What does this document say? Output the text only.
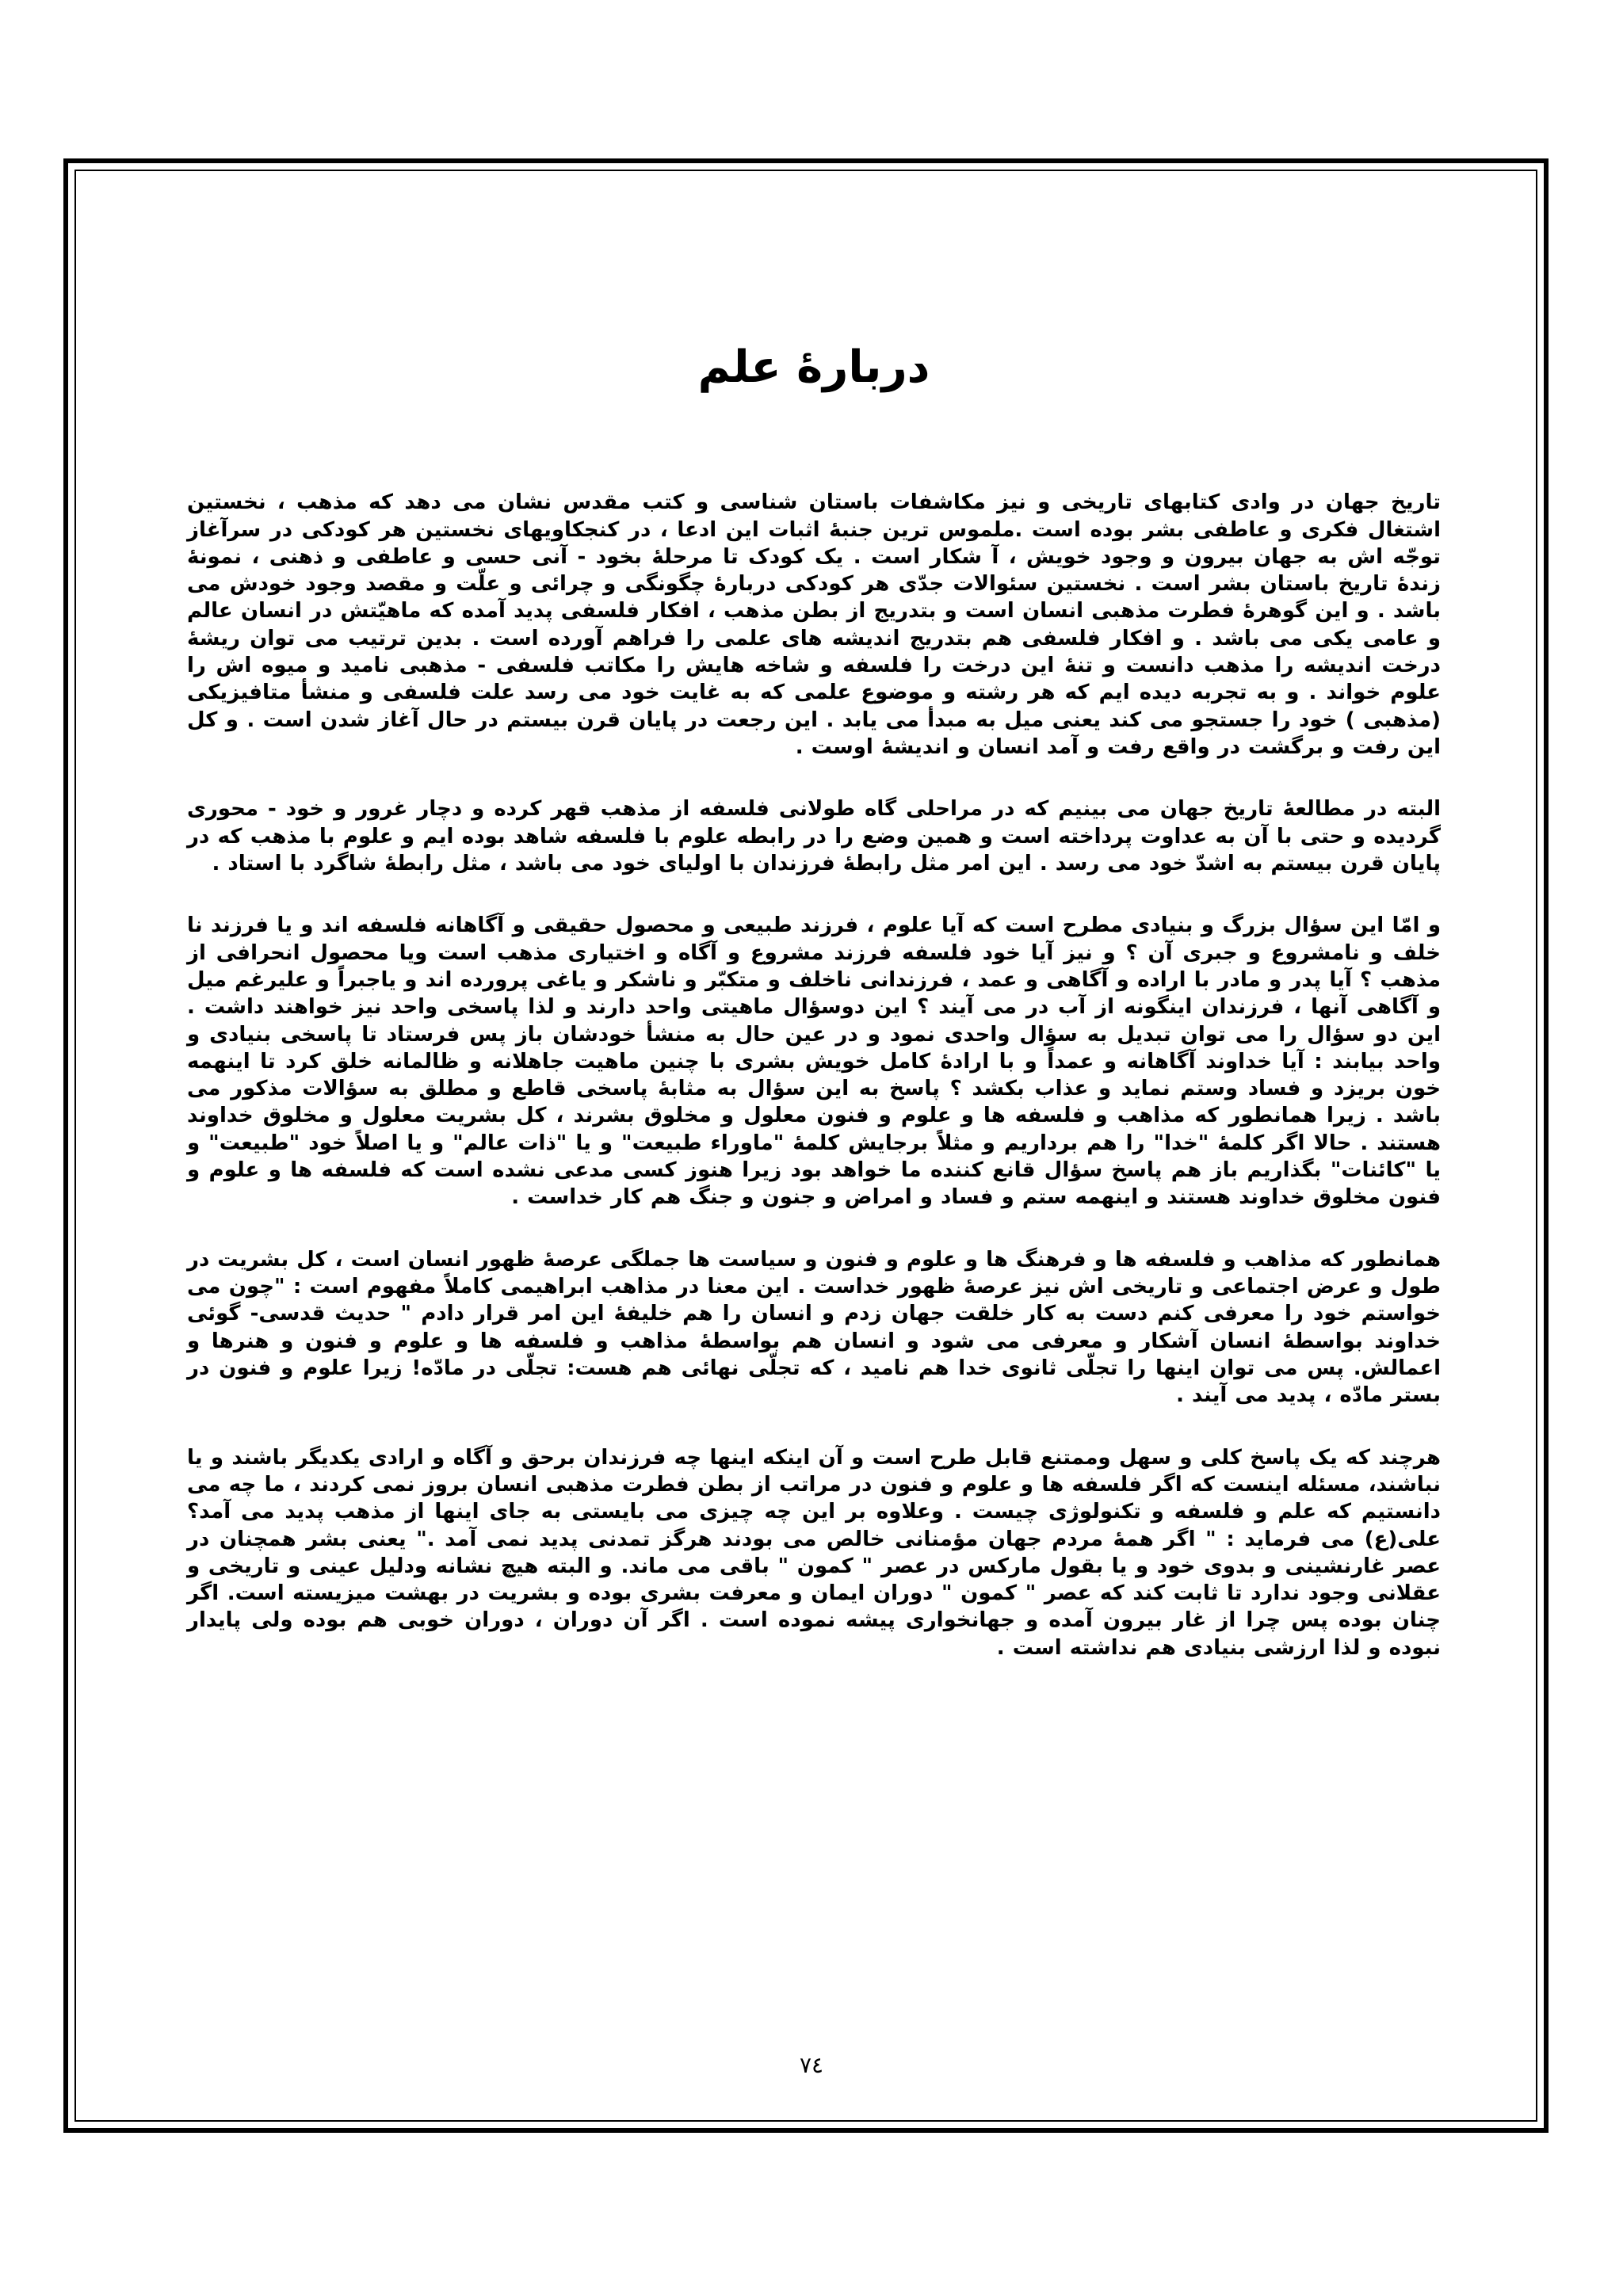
دربارۀ علم

تاریخ جهان در وادی کتابهای تاریخی و نیز مکاشفات باستان شناسی و کتب مقدس نشان می دهد که مذهب ، نخستین اشتغال فکری و عاطفی بشر بوده است .ملموس ترین جنبۀ اثبات این ادعا ، در کنجکاویهای نخستین هر کودکی در سرآغاز توجّه اش به جهان بیرون و وجود خویش ، آ شکار است . یک کودک تا مرحلۀ بخود - آنی حسی و عاطفی و ذهنی ، نمونۀ زندۀ تاریخ باستان بشر است . نخستین سئوالات جدّی هر کودکی دربارۀ چگونگی و چرائی و علّت و مقصد وجود خودش می باشد . و این گوهرۀ فطرت مذهبی انسان است و بتدریج از بطن مذهب ، افکار فلسفی پدید آمده که ماهیّتش در انسان عالم و عامی یکی می باشد . و افکار فلسفی هم بتدریج اندیشه های علمی را فراهم آورده است . بدین ترتیب می توان ریشۀ درخت اندیشه را مذهب دانست و تنۀ این درخت را فلسفه و شاخه هایش را مکاتب فلسفی - مذهبی نامید و میوه اش را علوم خواند . و به تجربه دیده ایم که هر رشته و موضوع علمی که به غایت خود می رسد علت فلسفی و منشأ متافیزیکی (مذهبی ) خود را جستجو می کند یعنی میل به مبدأ می یابد . این رجعت در پایان قرن بیستم در حال آغاز شدن است . و کل این رفت و برگشت در واقع رفت و آمد انسان و اندیشۀ اوست .

البته در مطالعۀ تاریخ جهان می بینیم که در مراحلی گاه طولانی فلسفه از مذهب قهر کرده و دچار غرور و خود - محوری گردیده و حتی با آن به عداوت پرداخته است و همین وضع را در رابطه علوم با فلسفه شاهد بوده ایم و علوم با مذهب که در پایان قرن بیستم به اشدّ خود می رسد . این امر مثل رابطۀ فرزندان با اولیای خود می باشد ، مثل رابطۀ شاگرد با استاد .

و امّا این سؤال بزرگ و بنیادی مطرح است که آیا علوم ، فرزند طبیعی و محصول حقیقی و آگاهانه فلسفه اند و یا فرزند نا خلف و نامشروع و جبری آن ؟ و نیز آیا خود فلسفه فرزند مشروع و آگاه و اختیاری مذهب است ویا محصول انحرافی از مذهب ؟ آیا پدر و مادر با اراده و آگاهی و عمد ، فرزندانی ناخلف و متکبّر و ناشکر و یاغی پرورده اند و یاجبراً و علیرغم میل و آگاهی آنها ، فرزندان اینگونه از آب در می آیند ؟ این دوسؤال ماهیتی واحد دارند و لذا پاسخی واحد نیز خواهند داشت . این دو سؤال را می توان تبدیل به سؤال واحدی نمود و در عین حال به منشأ خودشان باز پس فرستاد تا پاسخی بنیادی و واحد بیابند : آیا خداوند آگاهانه و عمداً و با ارادۀ کامل خویش بشری با چنین ماهیت جاهلانه و ظالمانه خلق کرد تا اینهمه خون بریزد و فساد وستم نماید و عذاب بکشد ؟ پاسخ به این سؤال به مثابۀ پاسخی قاطع و مطلق به سؤالات مذکور می باشد . زیرا همانطور که مذاهب و فلسفه ها و علوم و فنون معلول و مخلوق بشرند ، کل بشریت معلول و مخلوق خداوند هستند . حالا اگر کلمۀ "خدا" را هم برداریم و مثلاً برجایش کلمۀ "ماوراء طبیعت" و یا "ذات عالم" و یا اصلاً خود "طبیعت" و یا "کائنات" بگذاریم باز هم پاسخ سؤال قانع کننده ما خواهد بود زیرا هنوز کسی مدعی نشده است که فلسفه ها و علوم و فنون مخلوق خداوند هستند و اینهمه ستم و فساد و امراض و جنون و جنگ هم کار خداست .

همانطور که مذاهب و فلسفه ها و فرهنگ ها و علوم و فنون و سیاست ها جملگی عرصۀ ظهور انسان است ، کل بشریت در طول و عرض اجتماعی و تاریخی اش نیز عرصۀ ظهور خداست . این معنا در مذاهب ابراهیمی کاملاً مفهوم است : "چون می خواستم خود را معرفی کنم دست به کار خلقت جهان زدم و انسان را هم خلیفۀ این امر قرار دادم " حدیث قدسی- گوئی خداوند بواسطۀ انسان آشکار و معرفی می شود و انسان هم بواسطۀ مذاهب و فلسفه ها و علوم و فنون و هنرها و اعمالش. پس می توان اینها را تجلّی ثانوی خدا هم نامید ، که تجلّی نهائی هم هست: تجلّی در مادّه! زیرا علوم و فنون در بستر مادّه ، پدید می آیند .

هرچند که یک پاسخ کلی و سهل وممتنع قابل طرح است و آن اینکه اینها چه فرزندان برحق و آگاه و ارادی یکدیگر باشند و یا نباشند، مسئله اینست که اگر فلسفه ها و علوم و فنون در مراتب از بطن فطرت مذهبی انسان بروز نمی کردند ، ما چه می دانستیم که علم و فلسفه و تکنولوژی چیست . وعلاوه بر این چه چیزی می بایستی به جای اینها از مذهب پدید می آمد؟ علی(ع) می فرماید : " اگر همۀ مردم جهان مؤمنانی خالص می بودند هرگز تمدنی پدید نمی آمد ." یعنی بشر همچنان در عصر غارنشینی و بدوی خود و یا بقول مارکس در عصر " کمون " باقی می ماند. و البته هیچ نشانه ودلیل عینی و تاریخی و عقلانی وجود ندارد تا ثابت کند که عصر " کمون " دوران ایمان و معرفت بشری بوده و بشریت در بهشت میزیسته است. اگر چنان بوده پس چرا از غار بیرون آمده و جهانخواری پیشه نموده است . اگر آن دوران ، دوران خوبی هم بوده ولی پایدار نبوده و لذا ارزشی بنیادی هم نداشته است .

۷٤
